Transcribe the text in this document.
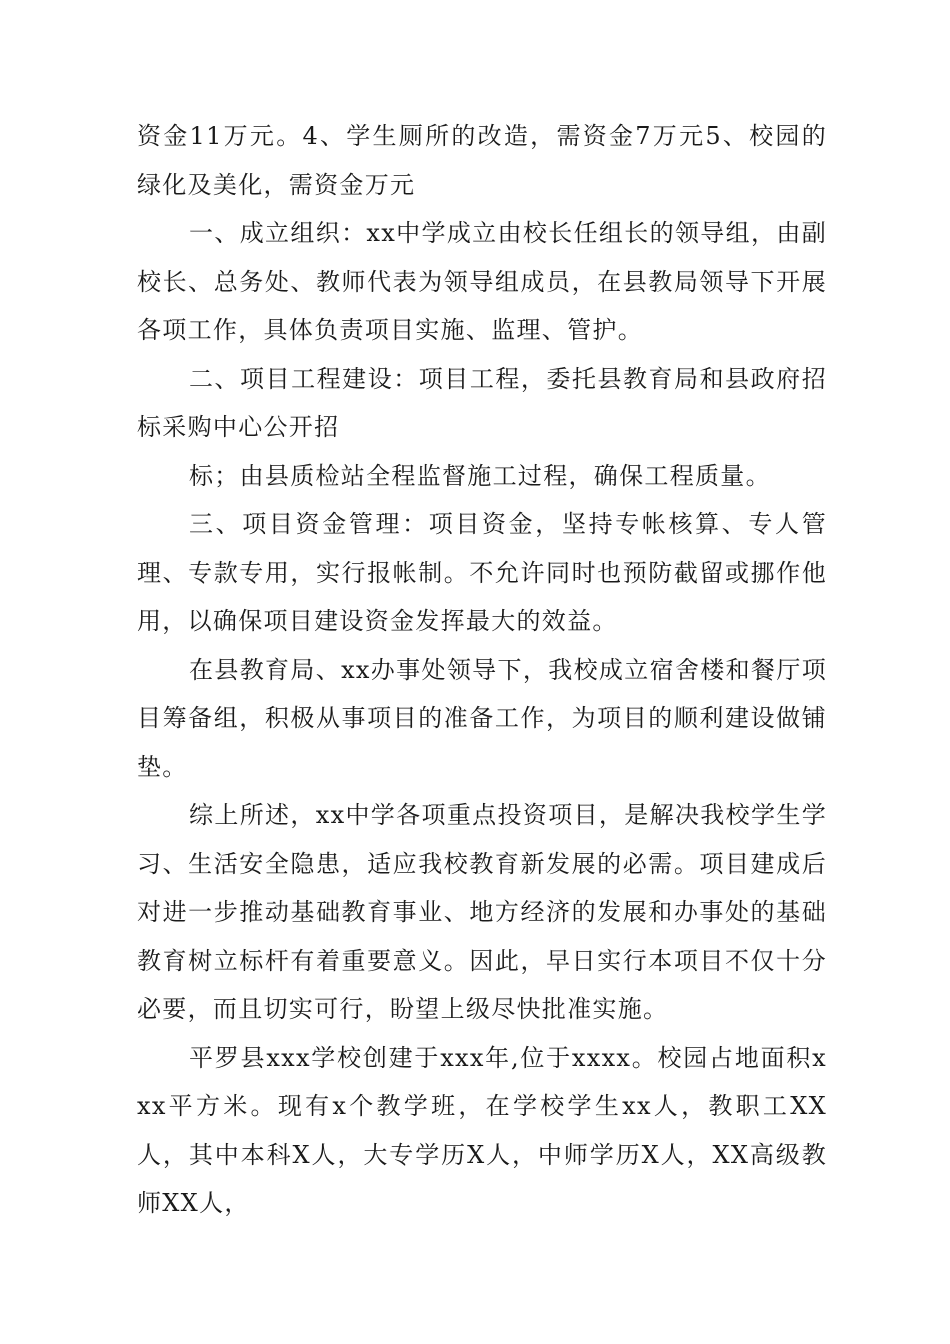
资金11万元。4、学生厕所的改造，需资金7万元5、校园的绿化及美化，需资金万元

一、成立组织：xx中学成立由校长任组长的领导组，由副校长、总务处、教师代表为领导组成员，在县教局领导下开展各项工作，具体负责项目实施、监理、管护。

二、项目工程建设：项目工程，委托县教育局和县政府招标采购中心公开招

标；由县质检站全程监督施工过程，确保工程质量。

三、项目资金管理：项目资金，坚持专帐核算、专人管理、专款专用，实行报帐制。不允许同时也预防截留或挪作他用，以确保项目建设资金发挥最大的效益。

在县教育局、xx办事处领导下，我校成立宿舍楼和餐厅项目筹备组，积极从事项目的准备工作，为项目的顺利建设做铺垫。

综上所述，xx中学各项重点投资项目，是解决我校学生学习、生活安全隐患，适应我校教育新发展的必需。项目建成后对进一步推动基础教育事业、地方经济的发展和办事处的基础教育树立标杆有着重要意义。因此，早日实行本项目不仅十分必要，而且切实可行，盼望上级尽快批准实施。

平罗县xxx学校创建于xxx年,位于xxxx。校园占地面积xxx平方米。现有x个教学班，在学校学生xx人，教职工XX人，其中本科X人，大专学历X人，中师学历X人，XX高级教师XX人，
